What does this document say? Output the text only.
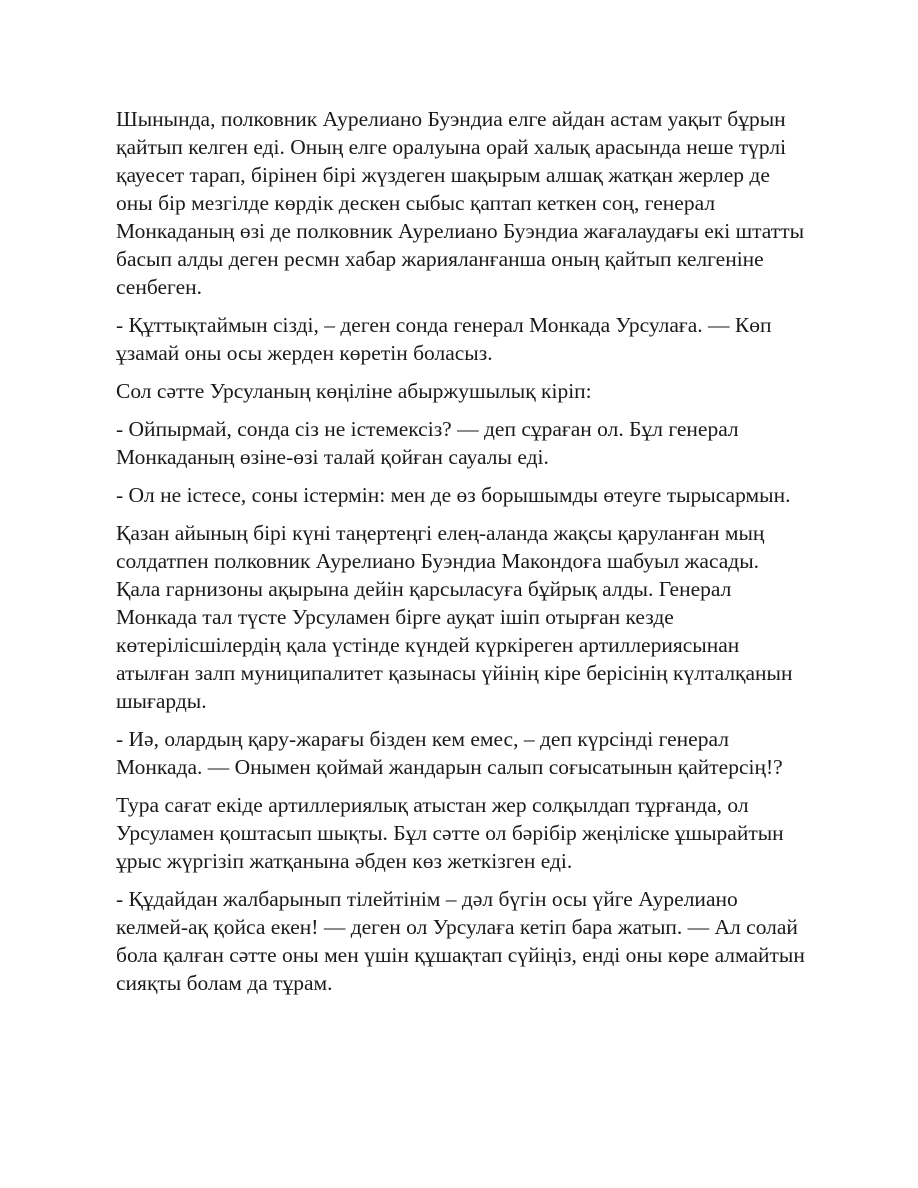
Шынында, полковник Аурелиано Буэндиа елге айдан астам уақыт бұрын қайтып келген еді. Оның елге оралуына орай халық арасында неше түрлі қауесет тарап, бірінен бірі жүздеген шақырым алшақ жатқан жерлер де оны бір мезгілде көрдік дескен сыбыс қаптап кеткен соң, генерал Монкаданың өзі де полковник Аурелиано Буэндиа жағалаудағы екі штатты басып алды деген ресмн хабар жарияланғанша оның қайтып келгеніне сенбеген.

- Құттықтаймын сізді, – деген сонда генерал Монкада Урсулаға. — Көп ұзамай оны осы жерден көретін боласыз.

Сол сәтте Урсуланың көңіліне абыржушылық кіріп:

- Ойпырмай, сонда сіз не істемексіз? — деп сұраған ол. Бұл генерал Монкаданың өзіне-өзі талай қойған сауалы еді.

- Ол не істесе, соны істермін: мен де өз борышымды өтеуге тырысармын.

Қазан айының бірі күні таңертеңгі елең-аланда жақсы қаруланған мың солдатпен полковник Аурелиано Буэндиа Макондоға шабуыл жасады. Қала гарнизоны ақырына дейін қарсыласуға бұйрық алды. Генерал Монкада тал түсте Урсуламен бірге ауқат ішіп отырған кезде көтерілісшілердің қала үстінде күндей күркіреген артиллериясынан атылған залп муниципалитет қазынасы үйінің кіре берісінің күлталқанын шығарды.

- Иә, олардың қару-жарағы бізден кем емес, – деп күрсінді генерал Монкада. — Онымен қоймай жандарын салып соғысатынын қайтерсің!?

Тура сағат екіде артиллериялық атыстан жер солқылдап тұрғанда, ол Урсуламен қоштасып шықты. Бұл сәтте ол бәрібір жеңіліске ұшырайтын ұрыс жүргізіп жатқанына әбден көз жеткізген еді.

- Құдайдан жалбарынып тілейтінім – дәл бүгін осы үйге Аурелиано келмей-ақ қойса екен! — деген ол Урсулаға кетіп бара жатып. — Ал солай бола қалған сәтте оны мен үшін құшақтап сүйіңіз, енді оны көре алмайтын сияқты болам да тұрам.
